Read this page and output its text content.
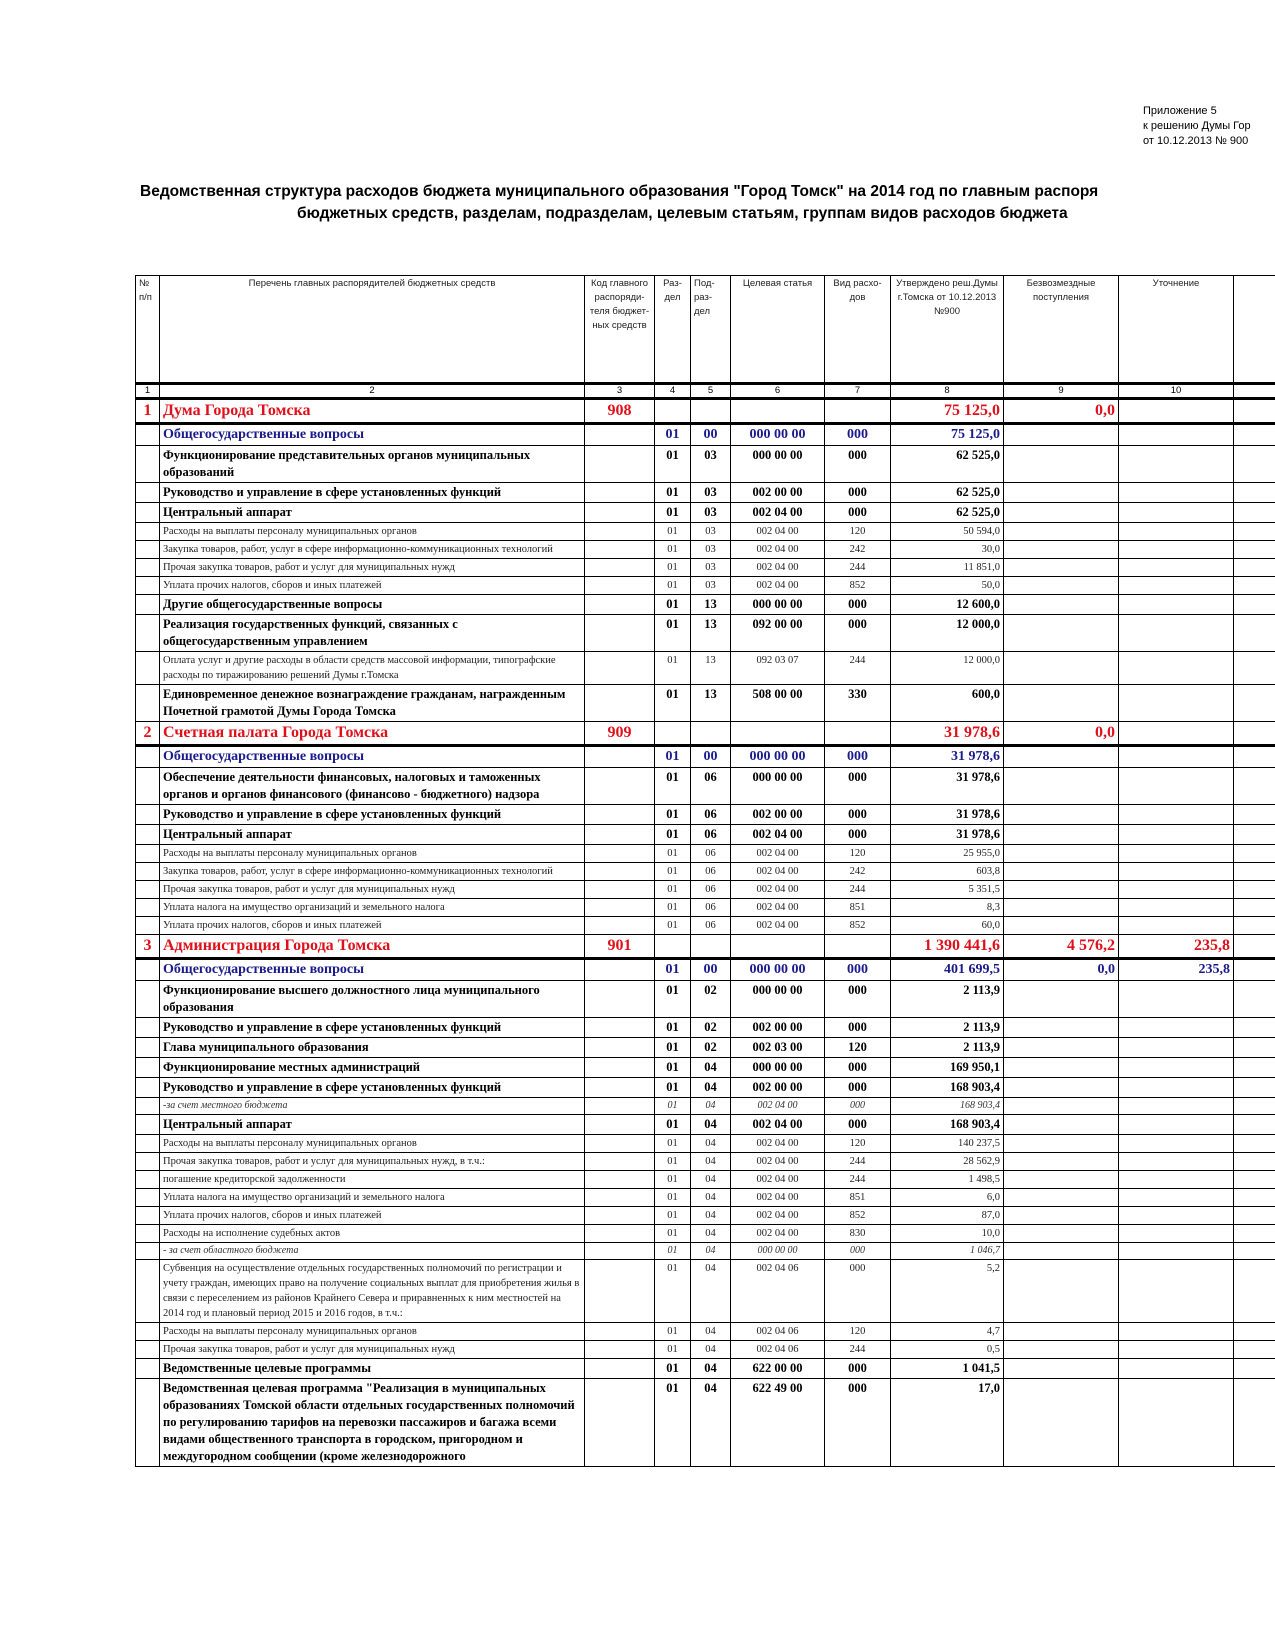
Приложение 5
к решению Думы Гор
от 10.12.2013 № 900
Ведомственная структура расходов бюджета муниципального образования "Город Томск" на 2014 год по главным распоря
бюджетных средств, разделам, подразделам, целевым статьям, группам видов расходов бюджета
№ п/п	Перечень главных распорядителей бюджетных средств	Код главного распоряди-теля бюджет-ных средств	Раз-дел	Под-раз-дел	Целевая статья	Вид расхо-дов	Утверждено реш.Думы г.Томска от 10.12.2013 №900	Безвозмездные поступления	Уточнение	
1	2	3	4	5	6	7	8	9	10	
1	Дума Города Томска	908					75 125,0	0,0		
	Общегосударственные вопросы		01	00	000 00 00	000	75 125,0			
	Функционирование представительных органов муниципальных образований		01	03	000 00 00	000	62 525,0			
	Руководство и управление в сфере установленных функций		01	03	002 00 00	000	62 525,0			
	Центральный аппарат		01	03	002 04 00	000	62 525,0			
	Расходы на выплаты персоналу муниципальных органов		01	03	002 04 00	120	50 594,0			
	Закупка товаров, работ, услуг в сфере информационно-коммуникационных технологий		01	03	002 04 00	242	30,0			
	Прочая закупка товаров, работ и услуг для муниципальных нужд		01	03	002 04 00	244	11 851,0			
	Уплата прочих налогов, сборов и иных платежей		01	03	002 04 00	852	50,0			
	Другие общегосударственные вопросы		01	13	000 00 00	000	12 600,0			
	Реализация государственных функций, связанных с общегосударственным управлением		01	13	092 00 00	000	12 000,0			
	Оплата услуг и другие расходы в области средств массовой информации, типографские расходы по тиражированию решений Думы г.Томска		01	13	092 03 07	244	12 000,0			
	Единовременное денежное вознаграждение гражданам, награжденным Почетной грамотой Думы Города Томска		01	13	508 00 00	330	600,0			
2	Счетная палата Города Томска	909					31 978,6	0,0		
	Общегосударственные вопросы		01	00	000 00 00	000	31 978,6			
	Обеспечение деятельности финансовых, налоговых и таможенных органов и органов финансового (финансово - бюджетного) надзора		01	06	000 00 00	000	31 978,6			
	Руководство и управление в сфере установленных функций		01	06	002 00 00	000	31 978,6			
	Центральный аппарат		01	06	002 04 00	000	31 978,6			
	Расходы на выплаты персоналу муниципальных органов		01	06	002 04 00	120	25 955,0			
	Закупка товаров, работ, услуг в сфере информационно-коммуникационных технологий		01	06	002 04 00	242	603,8			
	Прочая закупка товаров, работ и услуг для муниципальных нужд		01	06	002 04 00	244	5 351,5			
	Уплата налога на имущество организаций и земельного налога		01	06	002 04 00	851	8,3			
	Уплата прочих налогов, сборов и иных платежей		01	06	002 04 00	852	60,0			
3	Администрация Города Томска	901					1 390 441,6	4 576,2	235,8	
	Общегосударственные вопросы		01	00	000 00 00	000	401 699,5	0,0	235,8	
	Функционирование высшего должностного лица муниципального образования		01	02	000 00 00	000	2 113,9			
	Руководство и управление в сфере установленных функций		01	02	002 00 00	000	2 113,9			
	Глава муниципального образования		01	02	002 03 00	120	2 113,9			
	Функционирование местных администраций		01	04	000 00 00	000	169 950,1			
	Руководство и управление в сфере установленных функций		01	04	002 00 00	000	168 903,4			
	-за счет местного бюджета		01	04	002 04 00	000	168 903,4			
	Центральный аппарат		01	04	002 04 00	000	168 903,4			
	Расходы на выплаты персоналу муниципальных органов		01	04	002 04 00	120	140 237,5			
	Прочая закупка товаров, работ и услуг для муниципальных нужд, в т.ч.:		01	04	002 04 00	244	28 562,9			
	погашение кредиторской задолженности		01	04	002 04 00	244	1 498,5			
	Уплата налога на имущество организаций и земельного налога		01	04	002 04 00	851	6,0			
	Уплата прочих налогов, сборов и иных платежей		01	04	002 04 00	852	87,0			
	Расходы на исполнение судебных актов		01	04	002 04 00	830	10,0			
	- за счет областного бюджета		01	04	000 00 00	000	1 046,7			
	Субвенция на осуществление отдельных государственных полномочий по регистрации и учету граждан, имеющих право на получение социальных выплат для приобретения жилья в связи с переселением из районов Крайнего Севера и приравненных к ним местностей на 2014 год и плановый период 2015 и 2016 годов, в т.ч.:		01	04	002 04 06	000	5,2			
	Расходы на выплаты персоналу муниципальных органов		01	04	002 04 06	120	4,7			
	Прочая закупка товаров, работ и услуг для муниципальных нужд		01	04	002 04 06	244	0,5			
	Ведомственные целевые программы		01	04	622 00 00	000	1 041,5			
	Ведомственная целевая программа "Реализация в муниципальных образованиях Томской области отдельных государственных полномочий по регулированию тарифов на перевозки пассажиров и багажа всеми видами общественного транспорта в городском, пригородном и междугородном сообщении (кроме железнодорожного		01	04	622 49 00	000	17,0			
